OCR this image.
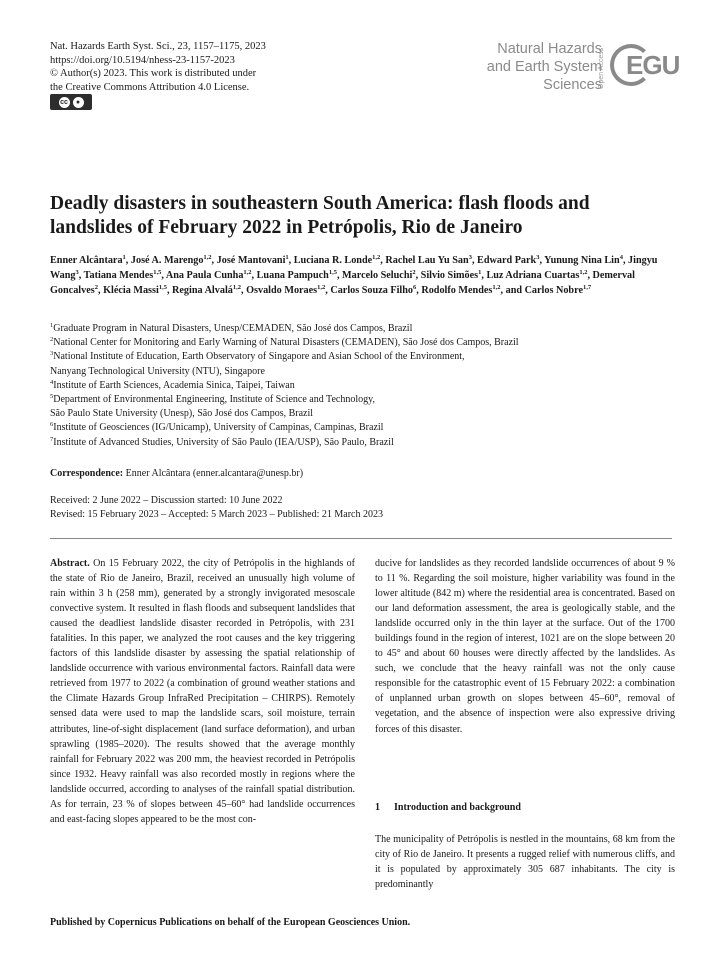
Nat. Hazards Earth Syst. Sci., 23, 1157–1175, 2023
https://doi.org/10.5194/nhess-23-1157-2023
© Author(s) 2023. This work is distributed under
the Creative Commons Attribution 4.0 License.
cc	●
Natural Hazards
and Earth System
Sciences
Open Access EGU
Deadly disasters in southeastern South America: flash floods and
landslides of February 2022 in Petrópolis, Rio de Janeiro
Enner Alcântara$^1$, José A. Marengo$^{1,2}$, José Mantovani$^1$, Luciana R. Londe$^{1,2}$, Rachel Lau Yu San$^3$, Edward Park$^3$, Yunung Nina Lin$^4$, Jingyu Wang$^3$, Tatiana Mendes$^{1,5}$, Ana Paula Cunha$^{1,2}$, Luana Pampuch$^{1,5}$, Marcelo Seluchi$^2$, Silvio Simões$^1$, Luz Adriana Cuartas$^{1,2}$, Demerval Goncalves$^2$, Klécia Massi$^{1,5}$, Regina Alvalá$^{1,2}$, Osvaldo Moraes$^{1,2}$, Carlos Souza Filho$^6$, Rodolfo Mendes$^{1,2}$, and Carlos Nobre$^{1,7}$
$^1$Graduate Program in Natural Disasters, Unesp/CEMADEN, São José dos Campos, Brazil
$^2$National Center for Monitoring and Early Warning of Natural Disasters (CEMADEN), São José dos Campos, Brazil
$^3$National Institute of Education, Earth Observatory of Singapore and Asian School of the Environment,
Nanyang Technological University (NTU), Singapore
$^4$Institute of Earth Sciences, Academia Sinica, Taipei, Taiwan
$^5$Department of Environmental Engineering, Institute of Science and Technology,
São Paulo State University (Unesp), São José dos Campos, Brazil
$^6$Institute of Geosciences (IG/Unicamp), University of Campinas, Campinas, Brazil
$^7$Institute of Advanced Studies, University of São Paulo (IEA/USP), São Paulo, Brazil
Correspondence: Enner Alcântara (enner.alcantara@unesp.br)
Received: 2 June 2022 – Discussion started: 10 June 2022
Revised: 15 February 2023 – Accepted: 5 March 2023 – Published: 21 March 2023
Abstract. On 15 February 2022, the city of Petrópolis in the highlands of the state of Rio de Janeiro, Brazil, received an unusually high volume of rain within 3 h (258 mm), generated by a strongly invigorated mesoscale convective system. It resulted in flash floods and subsequent landslides that caused the deadliest landslide disaster recorded in Petrópolis, with 231 fatalities. In this paper, we analyzed the root causes and the key triggering factors of this landslide disaster by assessing the spatial relationship of landslide occurrence with various environmental factors. Rainfall data were retrieved from 1977 to 2022 (a combination of ground weather stations and the Climate Hazards Group InfraRed Precipitation – CHIRPS). Remotely sensed data were used to map the landslide scars, soil moisture, terrain attributes, line-of-sight displacement (land surface deformation), and urban sprawling (1985–2020). The results showed that the average monthly rainfall for February 2022 was 200 mm, the heaviest recorded in Petrópolis since 1932. Heavy rainfall was also recorded mostly in regions where the landslide occurred, according to analyses of the rainfall spatial distribution. As for terrain, 23 % of slopes between 45–60° had landslide occurrences and east-facing slopes appeared to be the most con-
ducive for landslides as they recorded landslide occurrences of about 9 % to 11 %. Regarding the soil moisture, higher variability was found in the lower altitude (842 m) where the residential area is concentrated. Based on our land deformation assessment, the area is geologically stable, and the landslide occurred only in the thin layer at the surface. Out of the 1700 buildings found in the region of interest, 1021 are on the slope between 20 to 45° and about 60 houses were directly affected by the landslides. As such, we conclude that the heavy rainfall was not the only cause responsible for the catastrophic event of 15 February 2022: a combination of unplanned urban growth on slopes between 45–60°, removal of vegetation, and the absence of inspection were also expressive driving forces of this disaster.
1 Introduction and background
The municipality of Petrópolis is nestled in the mountains, 68 km from the city of Rio de Janeiro. It presents a rugged relief with numerous cliffs, and it is populated by approximately 305 687 inhabitants. The city is predominantly
Published by Copernicus Publications on behalf of the European Geosciences Union.
